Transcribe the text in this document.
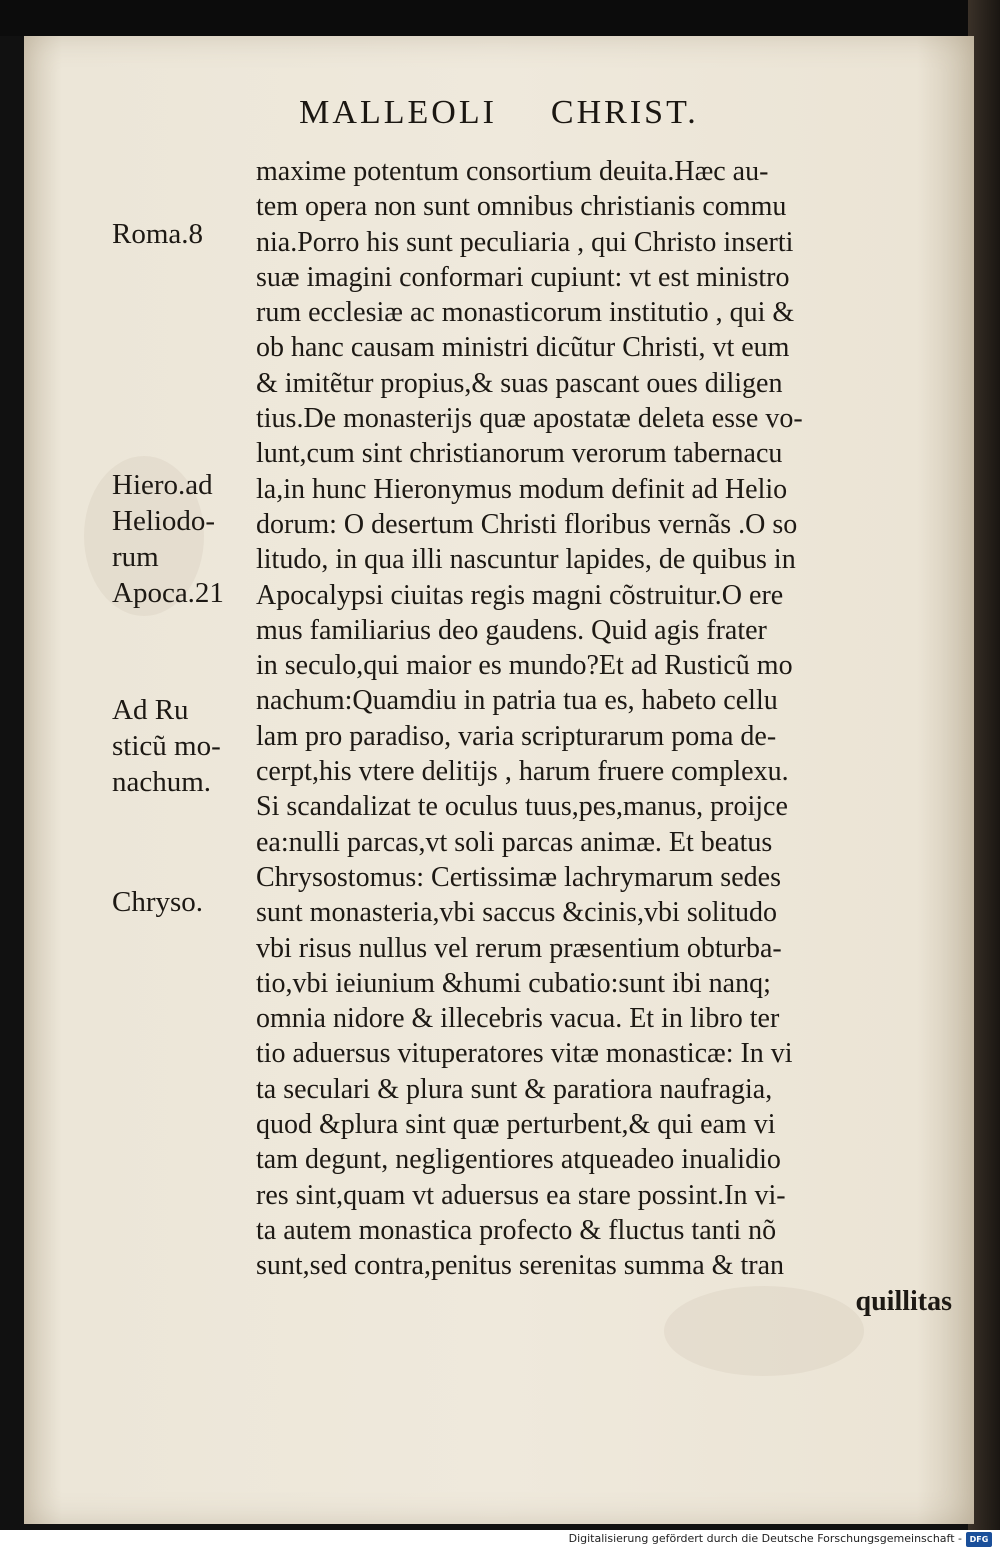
MALLEOLI CHRIST.
Roma.8
Hiero.ad
Heliodo-
rum
Apoca.21
Ad Ru
sticũ mo-
nachum.
Chryso.
maxime potentum consortium deuita.Hæc au-
tem opera non sunt omnibus christianis commu
nia.Porro his sunt peculiaria , qui Christo inserti
suæ imagini conformari cupiunt: vt est ministro
rum ecclesiæ ac monasticorum institutio , qui &
ob hanc causam ministri dicũtur Christi, vt eum
& imitẽtur propius,& suas pascant oues diligen
tius.De monasterijs quæ apostatæ deleta esse vo-
lunt,cum sint christianorum verorum tabernacu
la,in hunc Hieronymus modum definit ad Helio
dorum: O desertum Christi floribus vernãs .O so
litudo, in qua illi nascuntur lapides, de quibus in
Apocalypsi ciuitas regis magni cõstruitur.O ere
mus familiarius deo gaudens. Quid agis frater
in seculo,qui maior es mundo?Et ad Rusticũ mo
nachum:Quamdiu in patria tua es, habeto cellu
lam pro paradiso, varia scripturarum poma de-
cerpt,his vtere delitijs , harum fruere complexu.
Si scandalizat te oculus tuus,pes,manus, proijce
ea:nulli parcas,vt soli parcas animæ. Et beatus
Chrysostomus: Certissimæ lachrymarum sedes
sunt monasteria,vbi saccus &cinis,vbi solitudo
vbi risus nullus vel rerum præsentium obturba-
tio,vbi ieiunium &humi cubatio:sunt ibi nanq;
omnia nidore & illecebris vacua. Et in libro ter
tio aduersus vituperatores vitæ monasticæ: In vi
ta seculari & plura sunt & paratiora naufragia,
quod &plura sint quæ perturbent,& qui eam vi
tam degunt, negligentiores atqueadeo inualidio
res sint,quam vt aduersus ea stare possint.In vi-
ta autem monastica profecto & fluctus tanti nõ
sunt,sed contra,penitus serenitas summa & tran
quillitas
Digitalisierung gefördert durch die Deutsche Forschungsgemeinschaft - DFG
